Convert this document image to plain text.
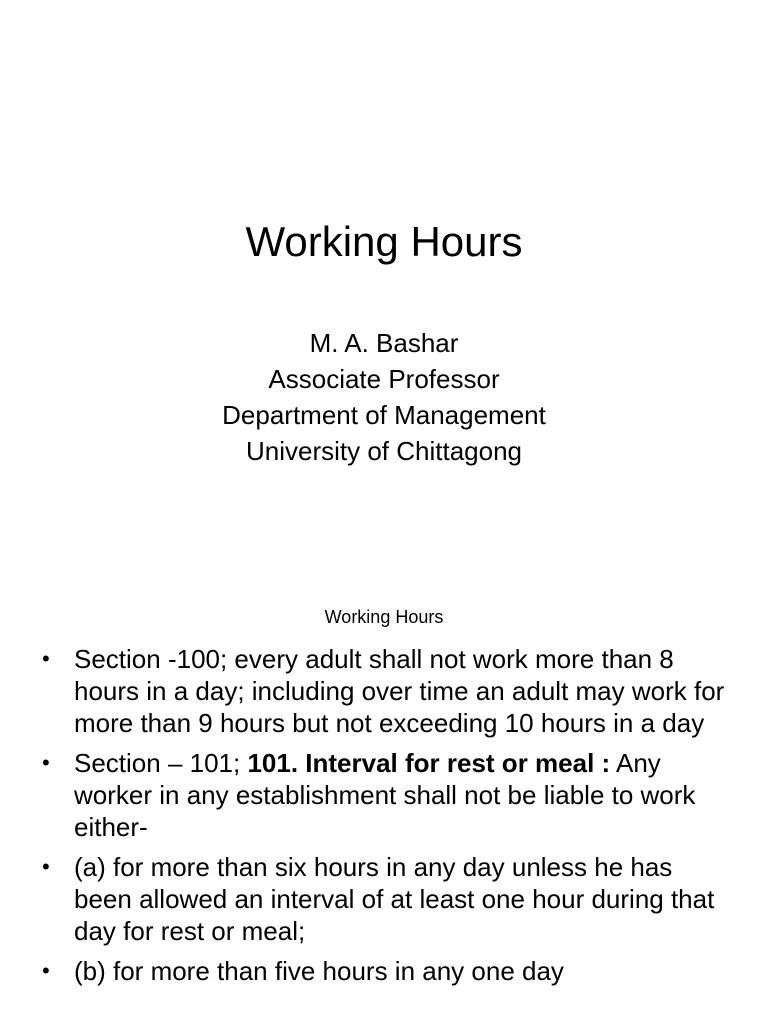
Working Hours
M. A. Bashar
Associate Professor
Department of Management
University of Chittagong
Working Hours
• Section -100; every adult shall not work more than 8 hours in a day; including over time an adult may work for more than 9 hours but not exceeding 10 hours in a day
• Section – 101; 101. Interval for rest or meal : Any worker in any establishment shall not be liable to work either-
• (a) for more than six hours in any day unless he has been allowed an interval of at least one hour during that day for rest or meal;
• (b) for more than five hours in any one day
